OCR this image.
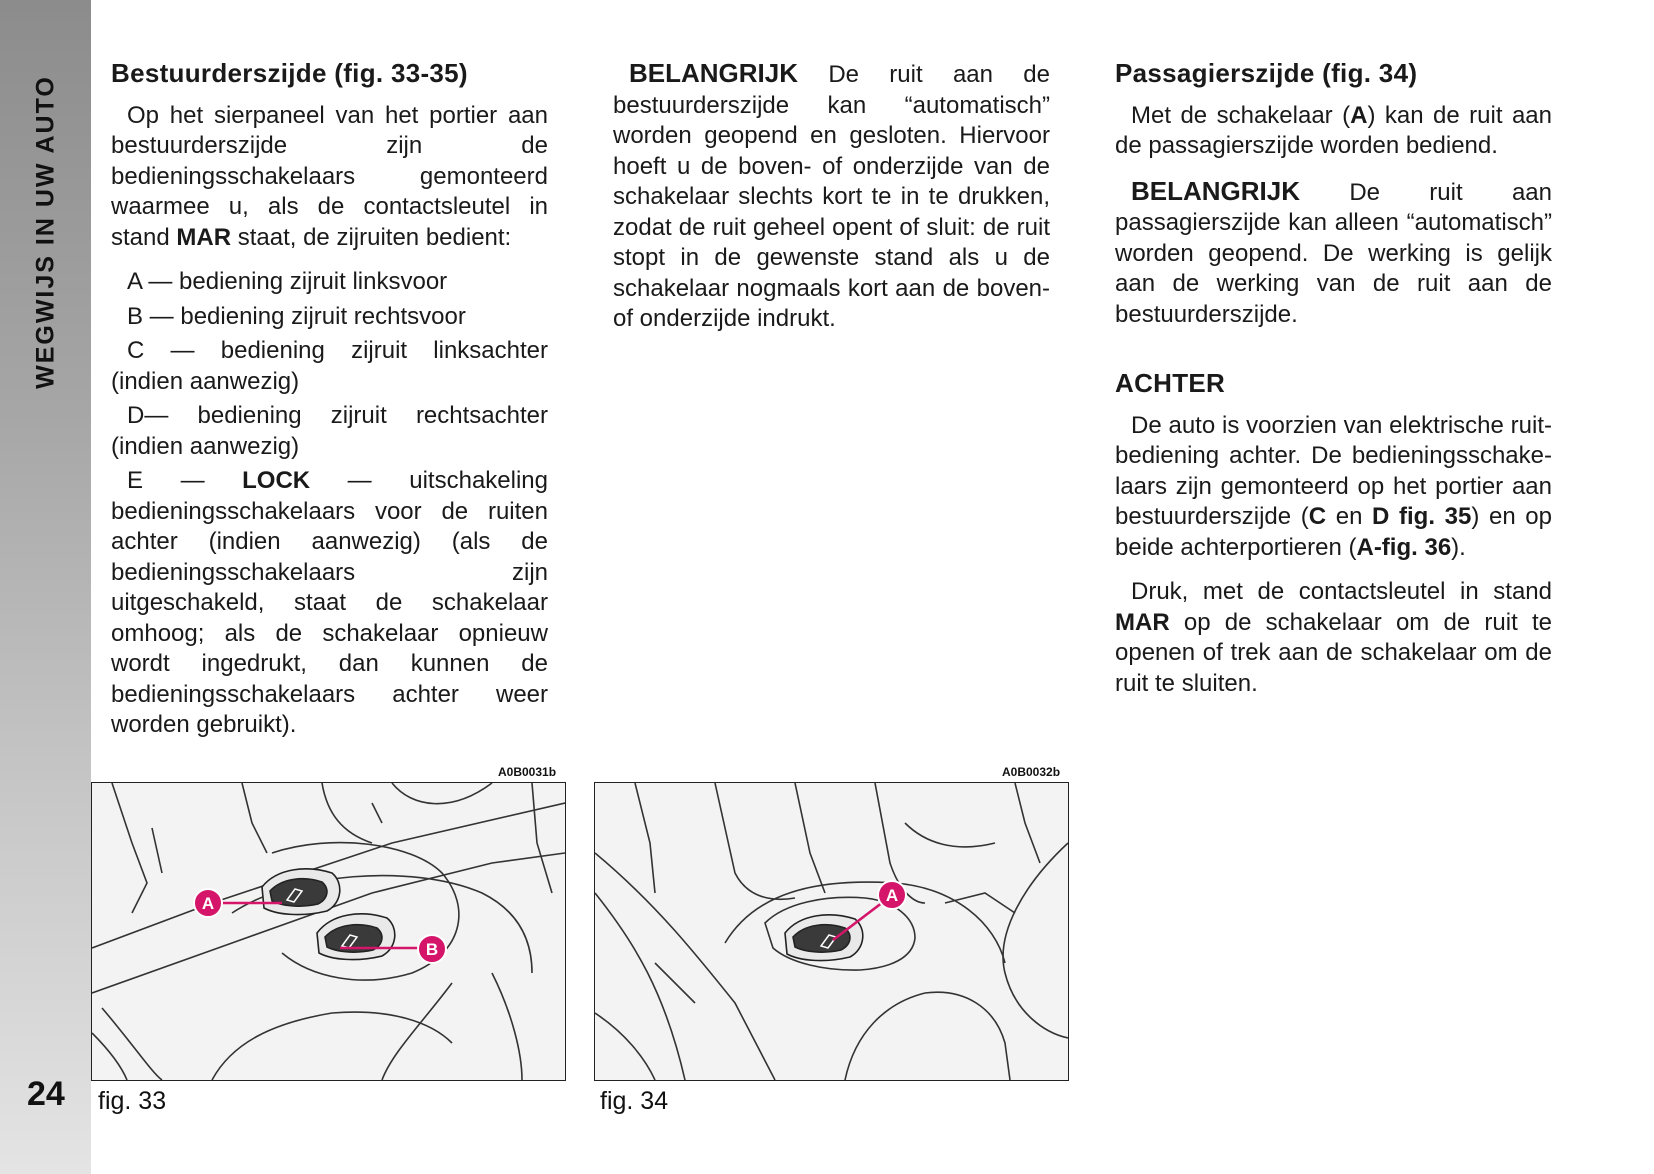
WEGWIJS IN UW AUTO
24
Bestuurderszijde (fig. 33-35)

Op het sierpaneel van het portier aan bestuurderszijde zijn de bedieningsschakelaars gemonteerd waarmee u, als de contactsleutel in stand MAR staat, de zijruiten bedient:

A — bediening zijruit linksvoor

B — bediening zijruit rechtsvoor

C — bediening zijruit linksachter (indien aanwezig)

D— bediening zijruit rechtsachter (indien aanwezig)

E — LOCK — uitschakeling bedieningsschakelaars voor de ruiten achter (indien aanwezig) (als de bedieningsschakelaars zijn uitgeschakeld, staat de schakelaar omhoog; als de schakelaar opnieuw wordt ingedrukt, dan kunnen de bedieningsschakelaars achter weer worden gebruikt).

BELANGRIJK De ruit aan de bestuurderszijde kan “automatisch” worden geopend en gesloten. Hiervoor hoeft u de boven- of onderzijde van de schakelaar slechts kort te in te drukken, zodat de ruit geheel opent of sluit: de ruit stopt in de gewenste stand als u de schakelaar nogmaals kort aan de boven- of onderzijde indrukt.

Passagierszijde (fig. 34)

Met de schakelaar (A) kan de ruit aan de passagierszijde worden bediend.

BELANGRIJK De ruit aan passagierszijde kan alleen “automatisch” worden geopend. De werking is gelijk aan de werking van de ruit aan de bestuurderszijde.

ACHTER

De auto is voorzien van elektrische ruitbediening achter. De bedieningsschakelaars zijn gemonteerd op het portier aan bestuurderszijde (C en D fig. 35) en op beide achterportieren (A-fig. 36).

Druk, met de contactsleutel in stand MAR op de schakelaar om de ruit te openen of trek aan de schakelaar om de ruit te sluiten.

A0B0031b
A
B
fig. 33
A0B0032b
A
fig. 34
